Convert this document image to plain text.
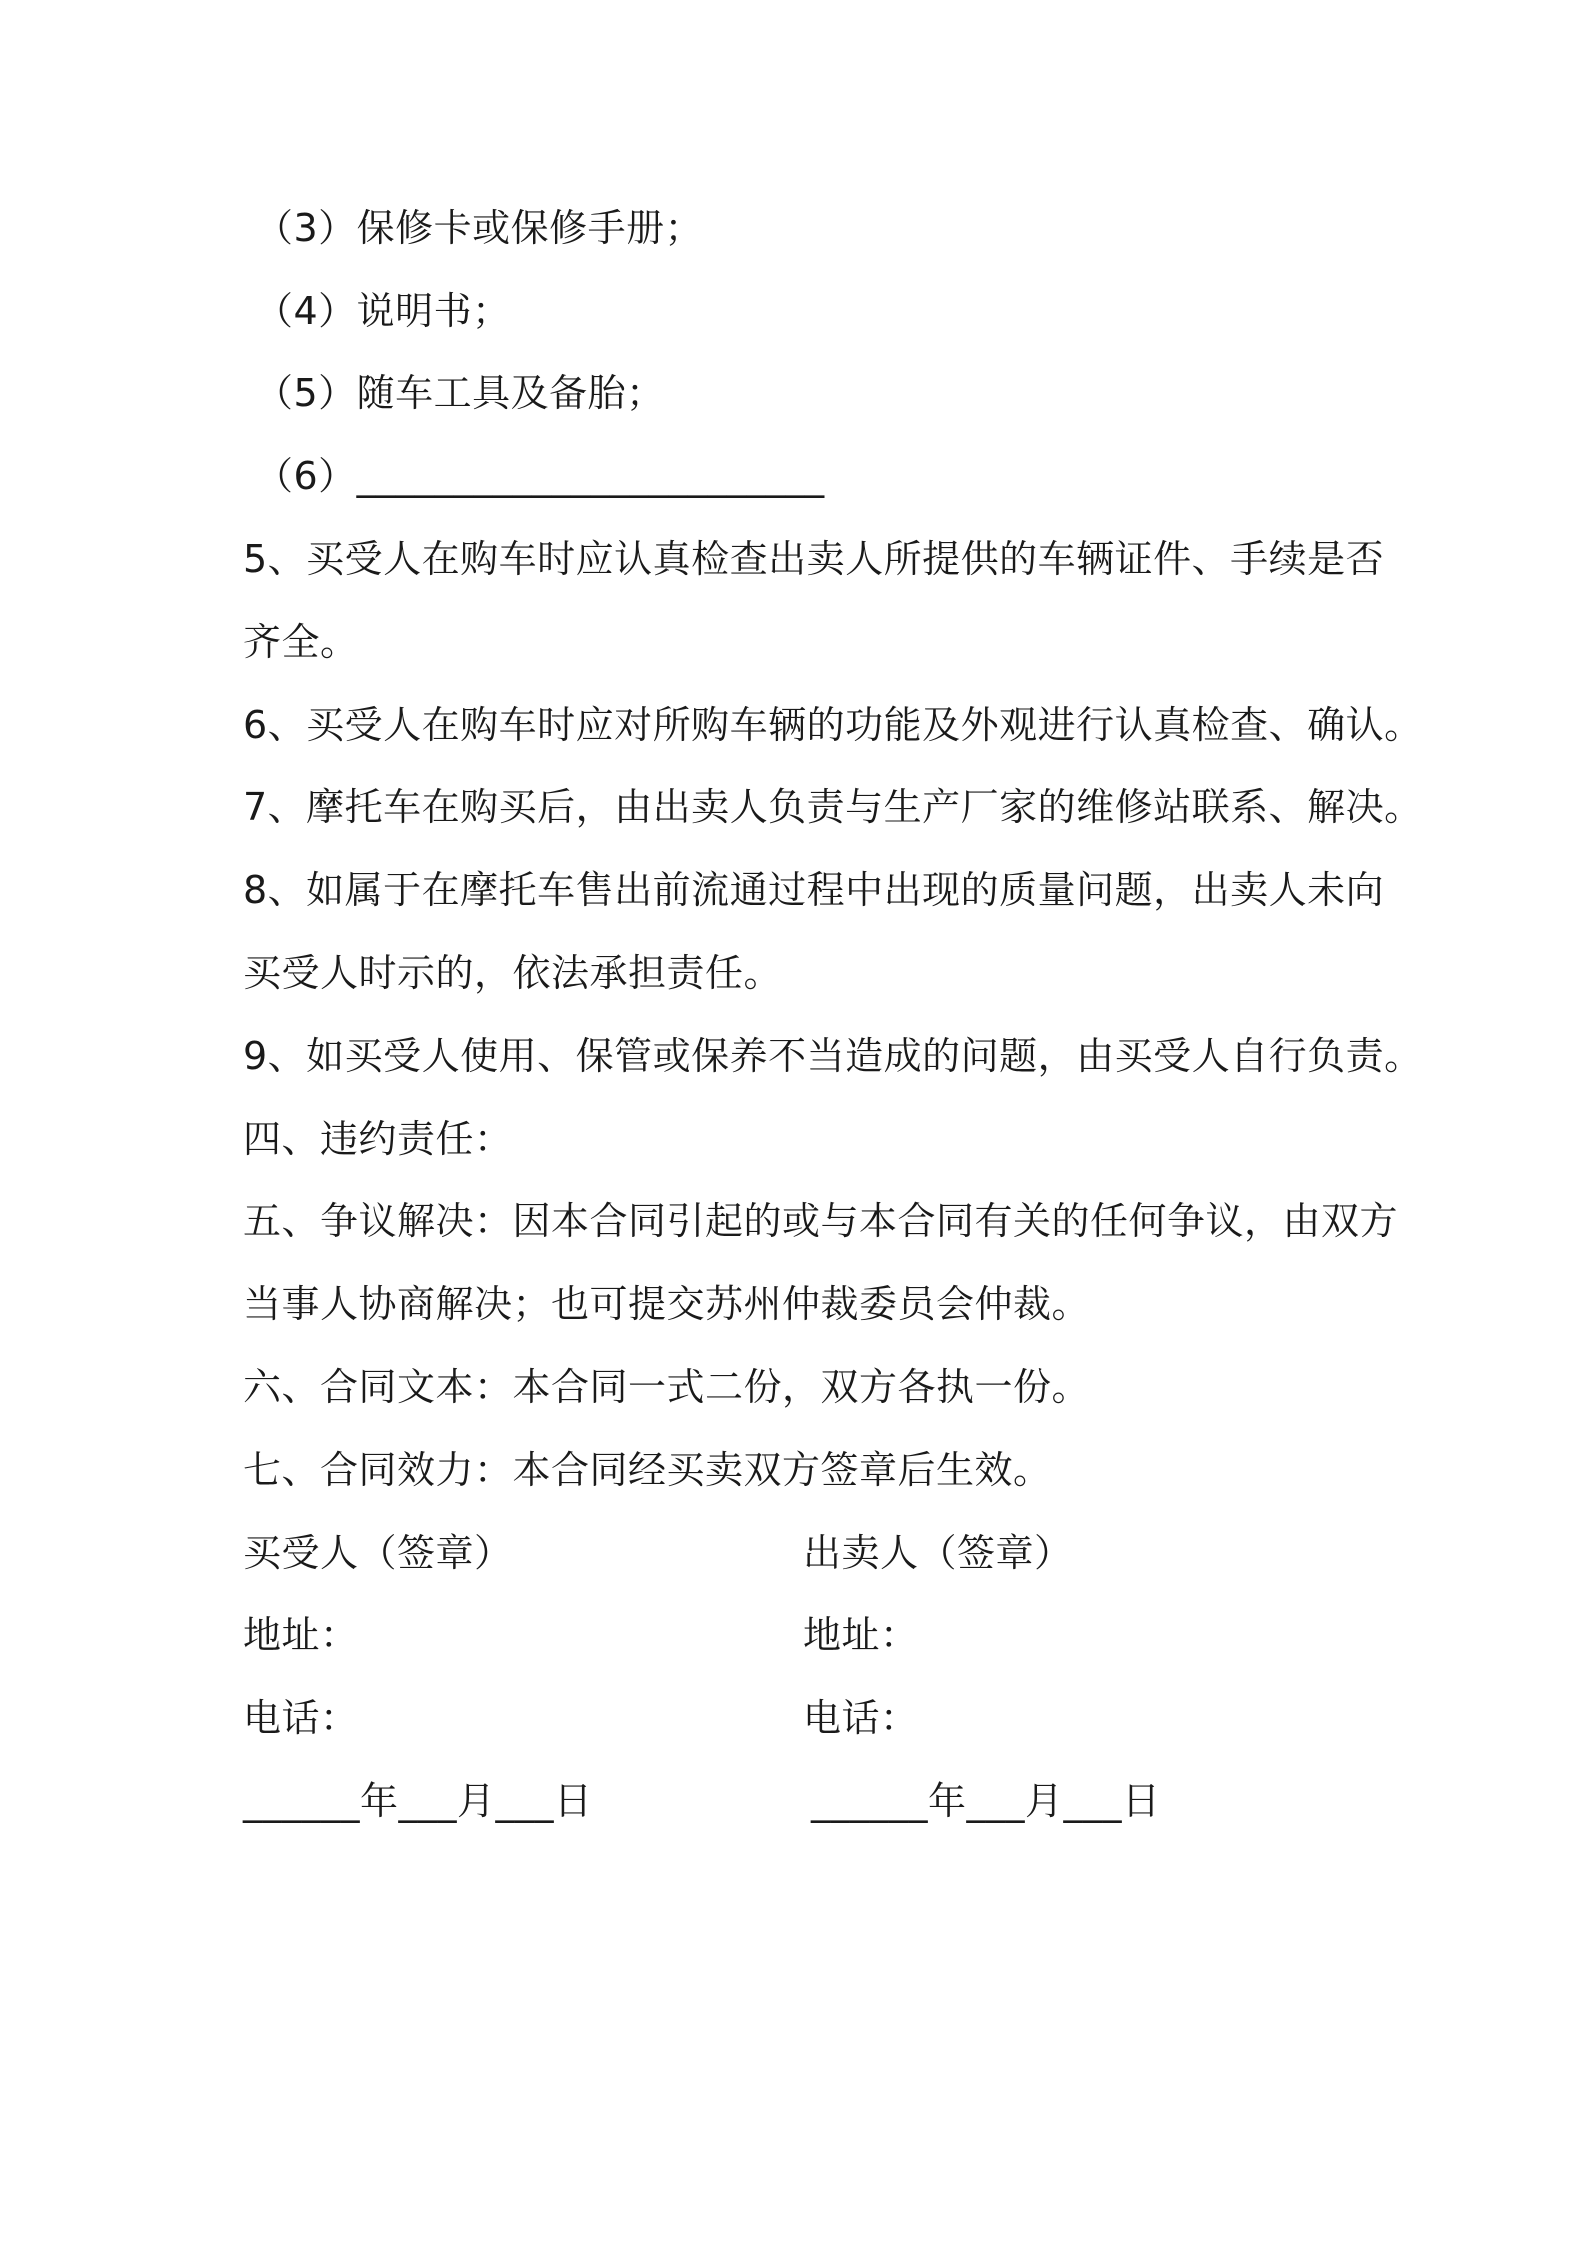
（3）保修卡或保修手册；
（4）说明书；
（5）随车工具及备胎；
（6）________________________
5、买受人在购车时应认真检查出卖人所提供的车辆证件、手续是否
齐全。
6、买受人在购车时应对所购车辆的功能及外观进行认真检查、确认。
7、摩托车在购买后，由出卖人负责与生产厂家的维修站联系、解决。
8、如属于在摩托车售出前流通过程中出现的质量问题，出卖人未向
买受人时示的，依法承担责任。
9、如买受人使用、保管或保养不当造成的问题，由买受人自行负责。
四、违约责任：
五、争议解决：因本合同引起的或与本合同有关的任何争议，由双方
当事人协商解决；也可提交苏州仲裁委员会仲裁。
六、合同文本：本合同一式二份，双方各执一份。
七、合同效力：本合同经买卖双方签章后生效。
买受人（签章）	出卖人（签章）
地址：	地址：
电话：	电话：
______年___月___日	______年___月___日
